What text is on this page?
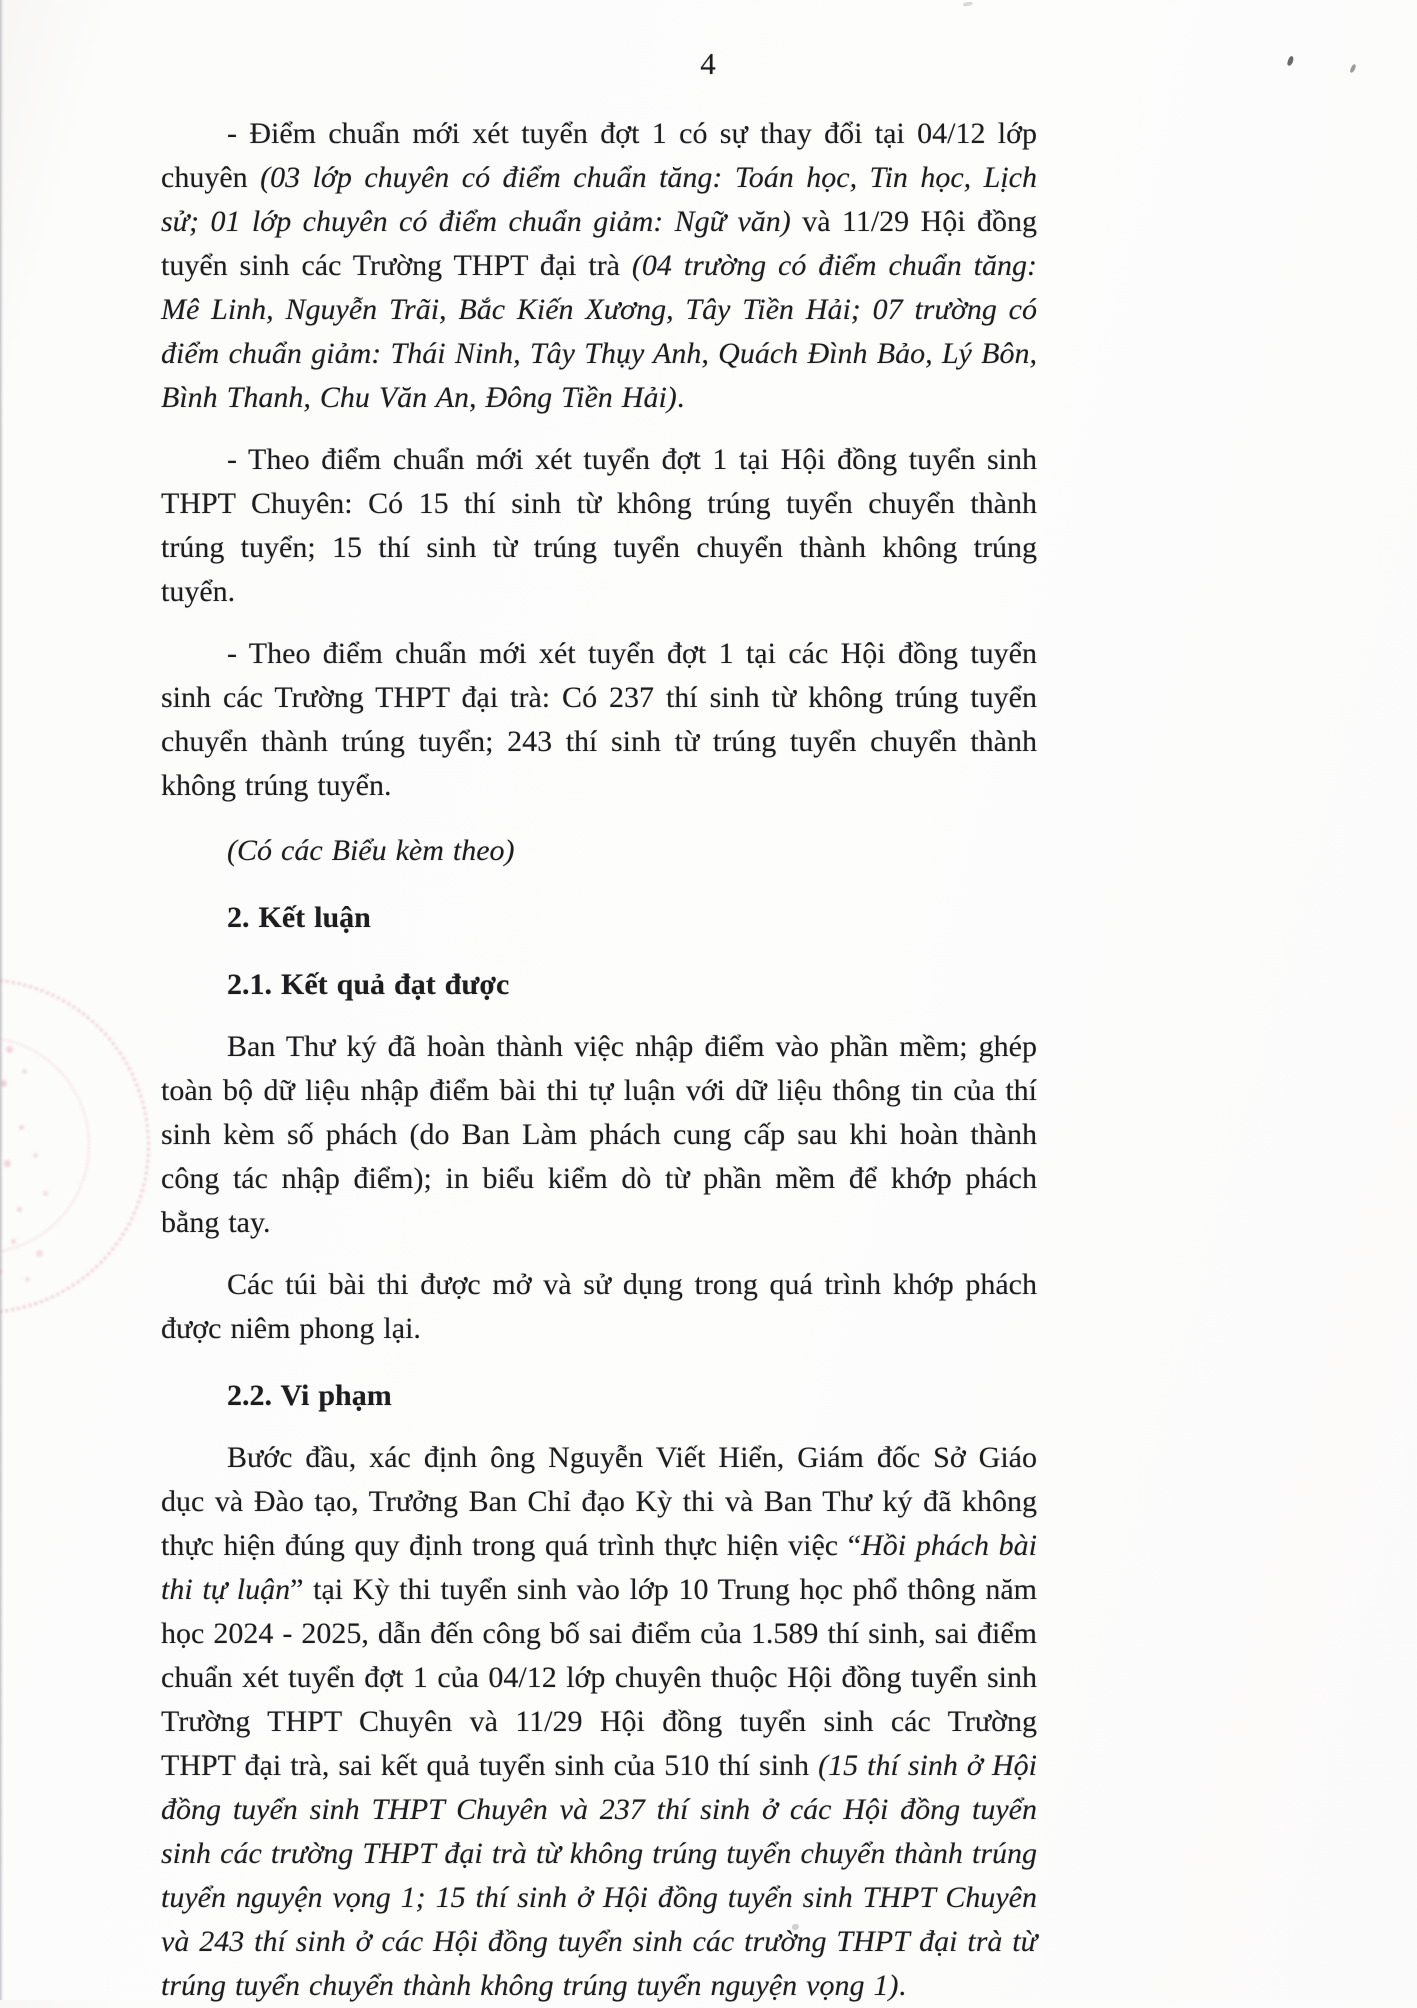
4

- Điểm chuẩn mới xét tuyển đợt 1 có sự thay đổi tại 04/12 lớp chuyên (03 lớp chuyên có điểm chuẩn tăng: Toán học, Tin học, Lịch sử; 01 lớp chuyên có điểm chuẩn giảm: Ngữ văn) và 11/29 Hội đồng tuyển sinh các Trường THPT đại trà (04 trường có điểm chuẩn tăng: Mê Linh, Nguyễn Trãi, Bắc Kiến Xương, Tây Tiền Hải; 07 trường có điểm chuẩn giảm: Thái Ninh, Tây Thụy Anh, Quách Đình Bảo, Lý Bôn, Bình Thanh, Chu Văn An, Đông Tiền Hải).

- Theo điểm chuẩn mới xét tuyển đợt 1 tại Hội đồng tuyển sinh THPT Chuyên: Có 15 thí sinh từ không trúng tuyển chuyển thành trúng tuyển; 15 thí sinh từ trúng tuyển chuyển thành không trúng tuyển.

- Theo điểm chuẩn mới xét tuyển đợt 1 tại các Hội đồng tuyển sinh các Trường THPT đại trà: Có 237 thí sinh từ không trúng tuyển chuyển thành trúng tuyển; 243 thí sinh từ trúng tuyển chuyển thành không trúng tuyển.

(Có các Biểu kèm theo)

2. Kết luận

2.1. Kết quả đạt được

Ban Thư ký đã hoàn thành việc nhập điểm vào phần mềm; ghép toàn bộ dữ liệu nhập điểm bài thi tự luận với dữ liệu thông tin của thí sinh kèm số phách (do Ban Làm phách cung cấp sau khi hoàn thành công tác nhập điểm); in biểu kiểm dò từ phần mềm để khớp phách bằng tay.

Các túi bài thi được mở và sử dụng trong quá trình khớp phách được niêm phong lại.

2.2. Vi phạm

Bước đầu, xác định ông Nguyễn Viết Hiển, Giám đốc Sở Giáo dục và Đào tạo, Trưởng Ban Chỉ đạo Kỳ thi và Ban Thư ký đã không thực hiện đúng quy định trong quá trình thực hiện việc “Hồi phách bài thi tự luận” tại Kỳ thi tuyển sinh vào lớp 10 Trung học phổ thông năm học 2024 - 2025, dẫn đến công bố sai điểm của 1.589 thí sinh, sai điểm chuẩn xét tuyển đợt 1 của 04/12 lớp chuyên thuộc Hội đồng tuyển sinh Trường THPT Chuyên và 11/29 Hội đồng tuyển sinh các Trường THPT đại trà, sai kết quả tuyển sinh của 510 thí sinh (15 thí sinh ở Hội đồng tuyển sinh THPT Chuyên và 237 thí sinh ở các Hội đồng tuyển sinh các trường THPT đại trà từ không trúng tuyển chuyển thành trúng tuyển nguyện vọng 1; 15 thí sinh ở Hội đồng tuyển sinh THPT Chuyên và 243 thí sinh ở các Hội đồng tuyển sinh các trường THPT đại trà từ trúng tuyển chuyển thành không trúng tuyển nguyện vọng 1).
